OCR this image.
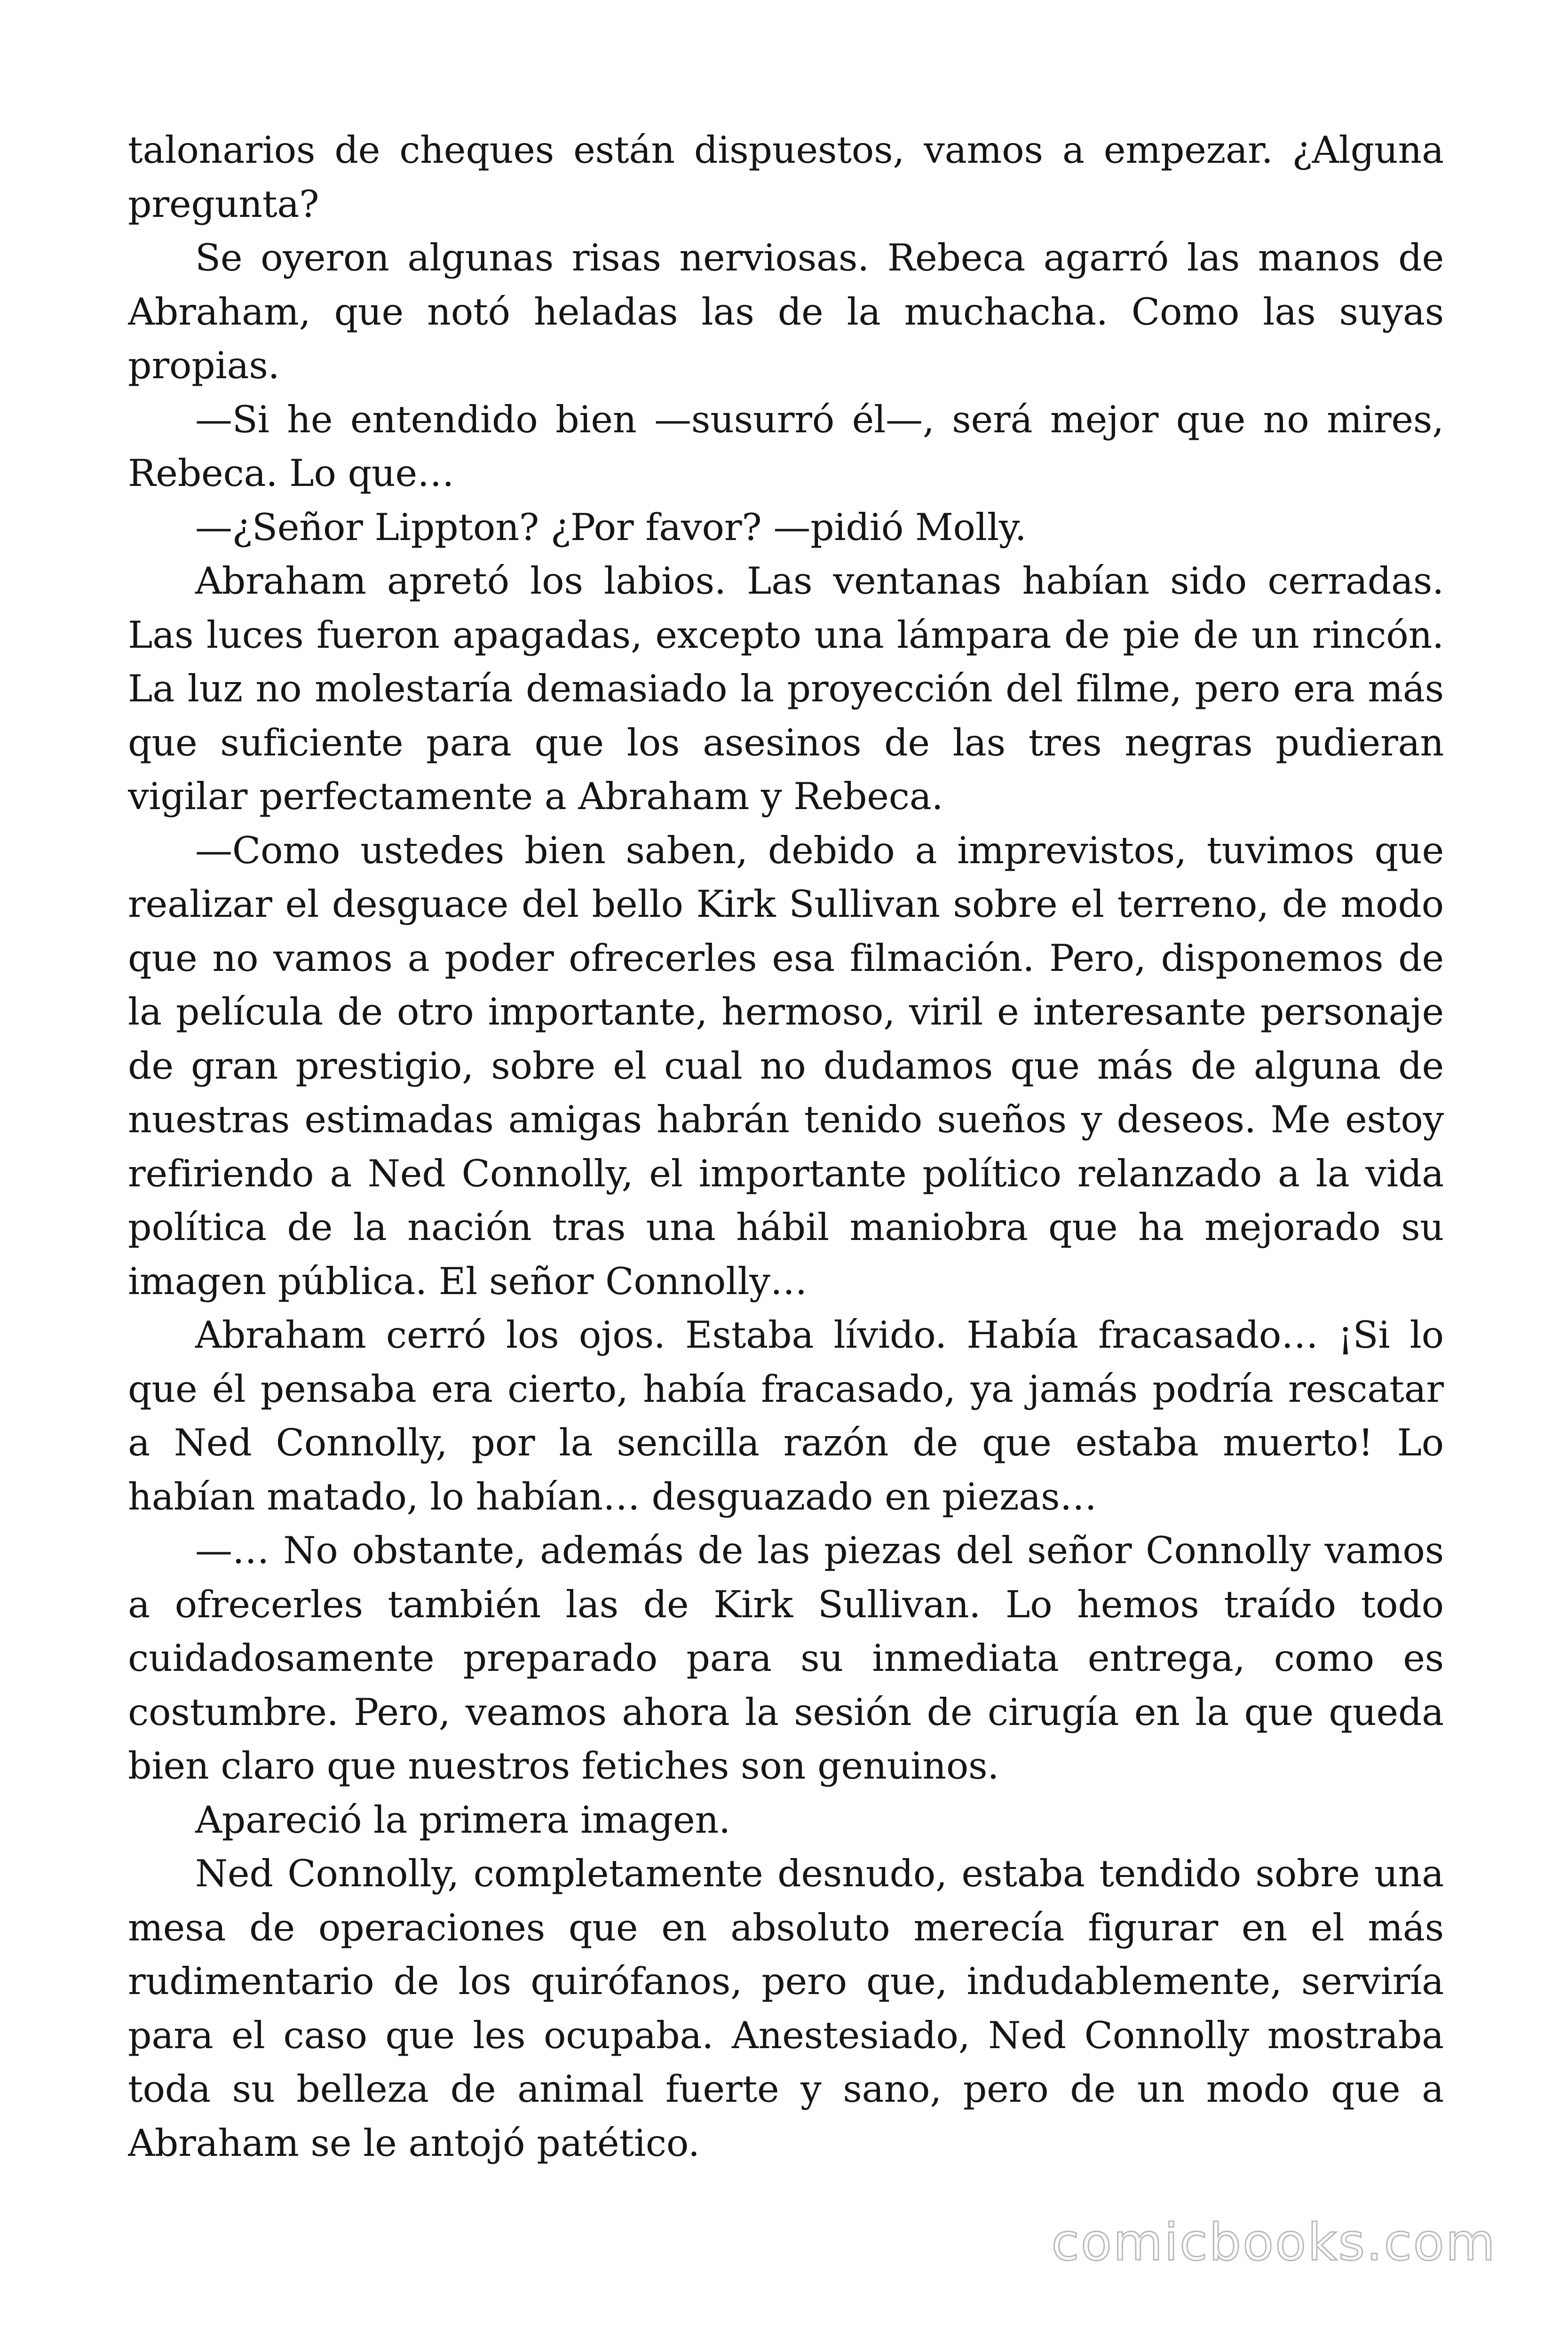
talonarios de cheques están dispuestos, vamos a empezar. ¿Alguna pregunta?

Se oyeron algunas risas nerviosas. Rebeca agarró las manos de Abraham, que notó heladas las de la muchacha. Como las suyas propias.

—Si he entendido bien —susurró él—, será mejor que no mires, Rebeca. Lo que…

—¿Señor Lippton? ¿Por favor? —pidió Molly.

Abraham apretó los labios. Las ventanas habían sido cerradas. Las luces fueron apagadas, excepto una lámpara de pie de un rincón. La luz no molestaría demasiado la proyección del filme, pero era más que suficiente para que los asesinos de las tres negras pudieran vigilar perfectamente a Abraham y Rebeca.

—Como ustedes bien saben, debido a imprevistos, tuvimos que realizar el desguace del bello Kirk Sullivan sobre el terreno, de modo que no vamos a poder ofrecerles esa filmación. Pero, disponemos de la película de otro importante, hermoso, viril e interesante personaje de gran prestigio, sobre el cual no dudamos que más de alguna de nuestras estimadas amigas habrán tenido sueños y deseos. Me estoy refiriendo a Ned Connolly, el importante político relanzado a la vida política de la nación tras una hábil maniobra que ha mejorado su imagen pública. El señor Connolly…

Abraham cerró los ojos. Estaba lívido. Había fracasado… ¡Si lo que él pensaba era cierto, había fracasado, ya jamás podría rescatar a Ned Connolly, por la sencilla razón de que estaba muerto! Lo habían matado, lo habían… desguazado en piezas…

—… No obstante, además de las piezas del señor Connolly vamos a ofrecerles también las de Kirk Sullivan. Lo hemos traído todo cuidadosamente preparado para su inmediata entrega, como es costumbre. Pero, veamos ahora la sesión de cirugía en la que queda bien claro que nuestros fetiches son genuinos.

Apareció la primera imagen.

Ned Connolly, completamente desnudo, estaba tendido sobre una mesa de operaciones que en absoluto merecía figurar en el más rudimentario de los quirófanos, pero que, indudablemente, serviría para el caso que les ocupaba. Anestesiado, Ned Connolly mostraba toda su belleza de animal fuerte y sano, pero de un modo que a Abraham se le antojó patético.

comicbooks.com
